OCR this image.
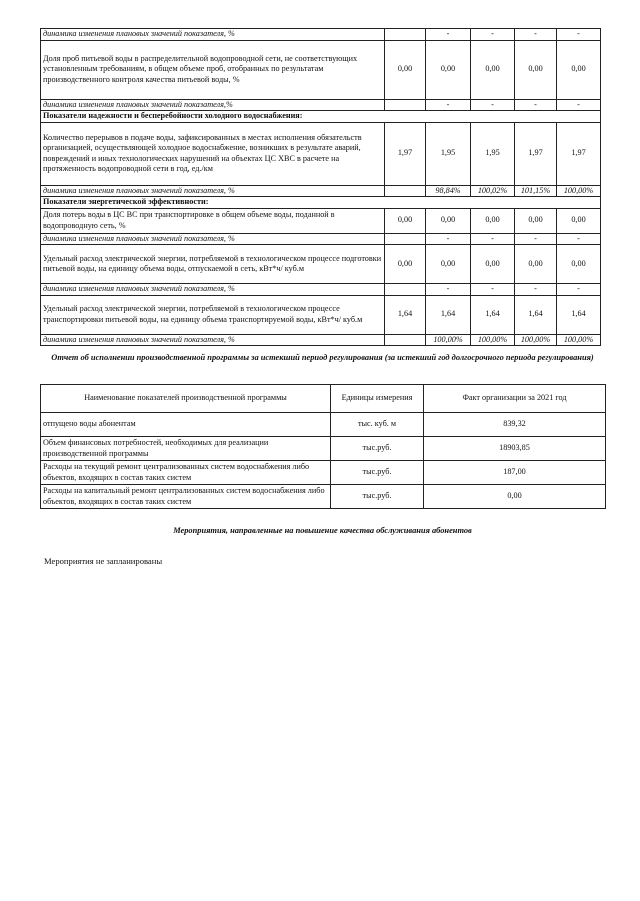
динамика изменения плановых значений показателя, %		-	-	-	-
Доля проб питьевой воды в распределительной водопроводной сети, не соответствующих установленным требованиям, в общем объеме проб, отобранных по результатам производственного контроля качества питьевой воды, %	0,00	0,00	0,00	0,00	0,00
динамика изменения плановых значений показателя,%		-	-	-	-
Показатели надежности и бесперебойности холодного водоснабжения:					
Количество перерывов в подаче воды, зафиксированных в местах исполнения обязательств организацией, осуществляющей холодное водоснабжение, возникших в результате аварий, повреждений и иных технологических нарушений на объектах ЦС ХВС в расчете на протяженность водопроводной сети в год, ед./км	1,97	1,95	1,95	1,97	1,97
динамика изменения плановых значений показателя, %		98,84%	100,02%	101,15%	100,00%
Показатели энергетической эффективности:					
Доля потерь воды в ЦС ВС при транспортировке в общем объеме воды, поданной в водопроводную сеть, %	0,00	0,00	0,00	0,00	0,00
динамика изменения плановых значений показателя, %		-	-	-	-
Удельный расход электрической энергии, потребляемой в технологическом процессе подготовки питьевой воды, на единицу объема воды, отпускаемой в сеть, кВт*ч/ куб.м	0,00	0,00	0,00	0,00	0,00
динамика изменения плановых значений показателя, %		-	-	-	-
Удельный расход электрической энергии, потребляемой в технологическом процессе транспортировки питьевой воды, на единицу объема транспортируемой воды, кВт*ч/ куб.м	1,64	1,64	1,64	1,64	1,64
динамика изменения плановых значений показателя, %		100,00%	100,00%	100,00%	100,00%
Отчет об исполнении производственной программы за истекший период регулирования (за истекший год долгосрочного периода регулирования)
Наименование показателей производственной программы	Единицы измерения	Факт организации за 2021 год
отпущено воды абонентам	тыс. куб. м	839,32
Объем финансовых потребностей, необходимых для реализации производственной программы	тыс.руб.	18903,85
Расходы на текущий ремонт централизованных систем водоснабжения либо объектов, входящих в состав таких систем	тыс.руб.	187,00
Расходы на капитальный ремонт централизованных систем водоснабжения либо объектов, входящих в состав таких систем	тыс.руб.	0,00
Мероприятия, направленные на повышение качества обслуживания абонентов
Мероприятия не запланированы
